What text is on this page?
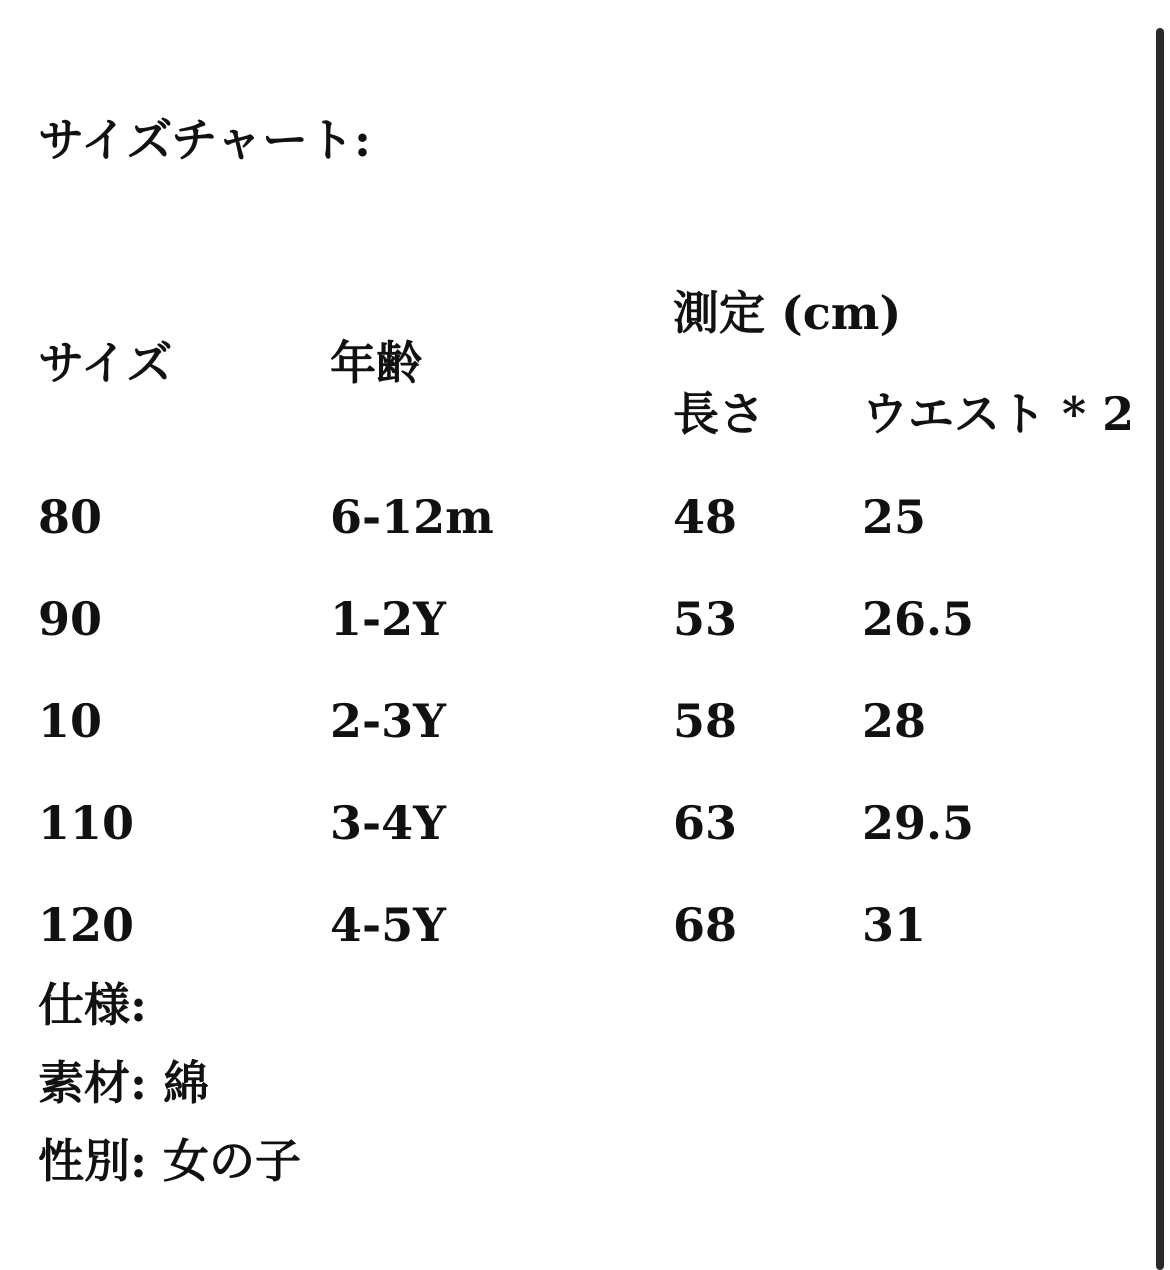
サイズチャート:
サイズ	年齢
測定 (cm)
長さ ウエスト * 2
80	6-12m	48	25
90	1-2Y	53	26.5
10	2-3Y	58	28
110	3-4Y	63	29.5
120	4-5Y	68	31
仕様:
素材: 綿
性別: 女の子
